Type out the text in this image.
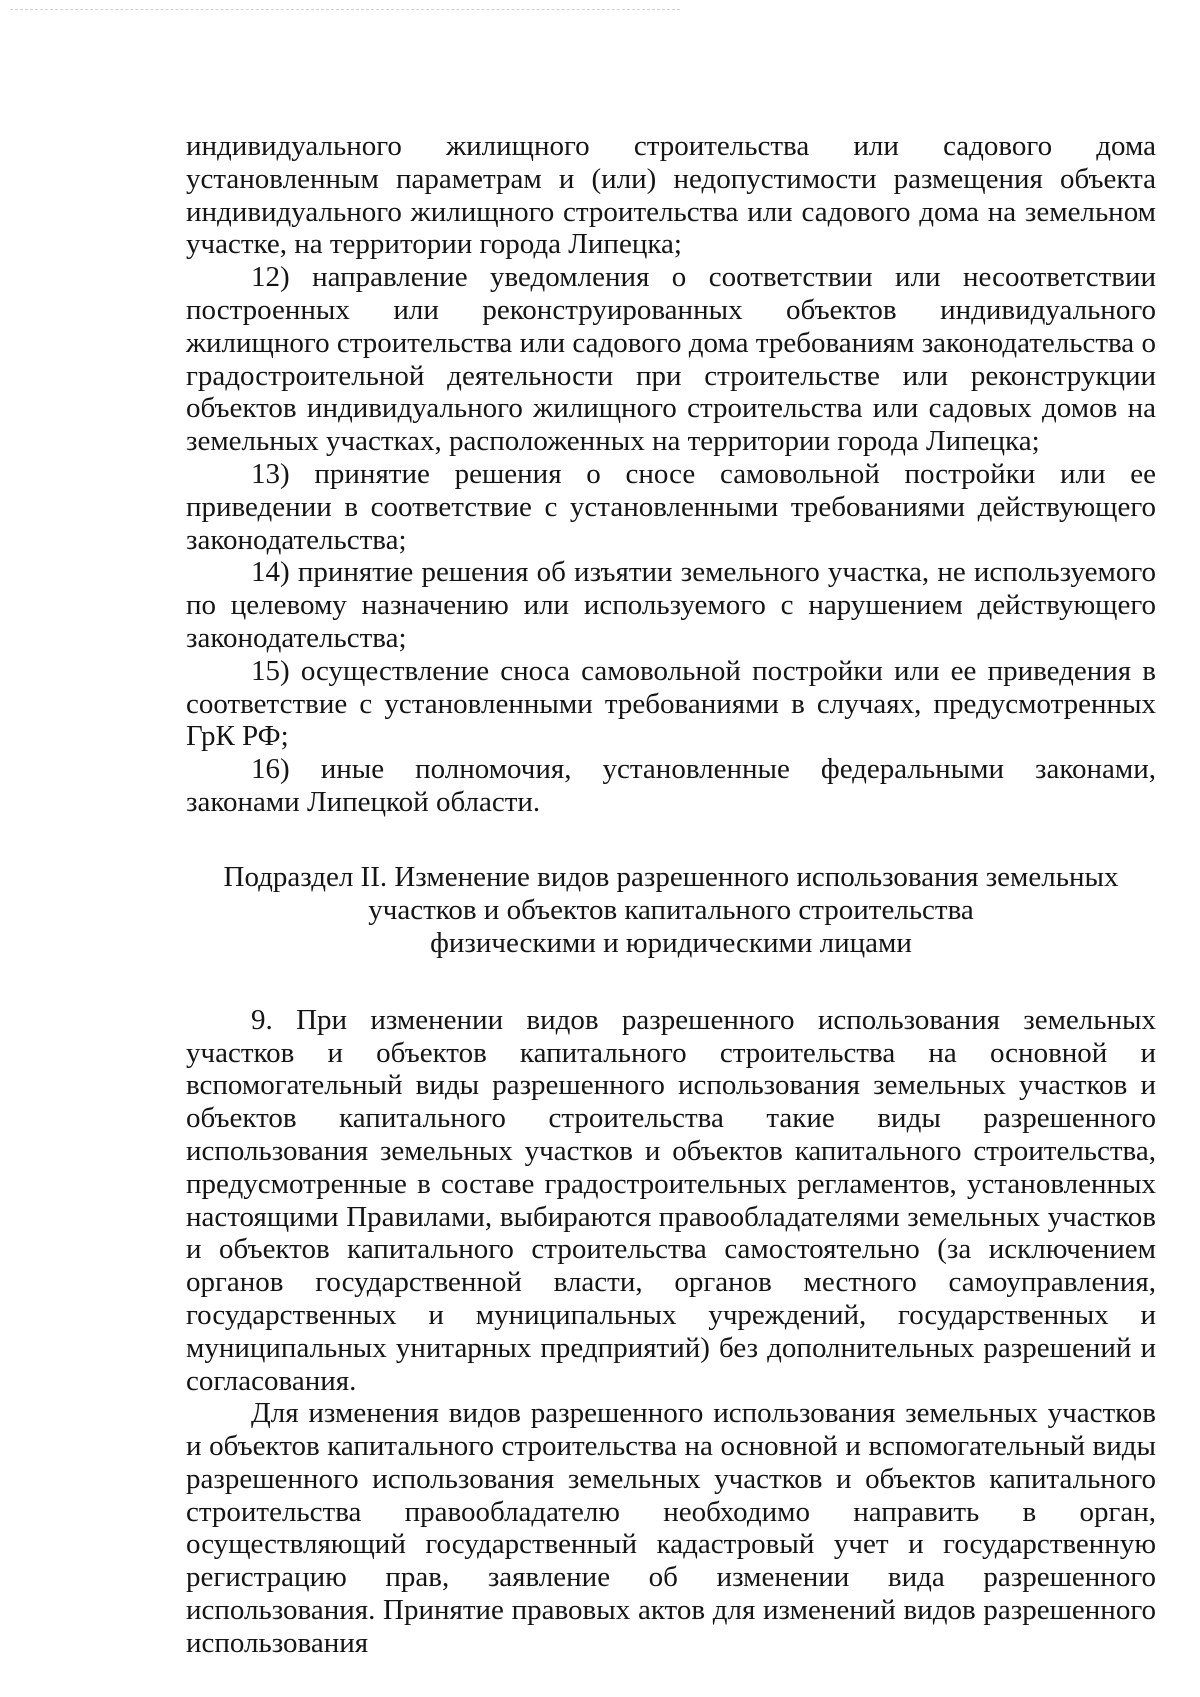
индивидуального жилищного строительства или садового дома установленным параметрам и (или) недопустимости размещения объекта индивидуального жилищного строительства или садового дома на земельном участке, на территории города Липецка;

12) направление уведомления о соответствии или несоответствии построенных или реконструированных объектов индивидуального жилищного строительства или садового дома требованиям законодательства о градостроительной деятельности при строительстве или реконструкции объектов индивидуального жилищного строительства или садовых домов на земельных участках, расположенных на территории города Липецка;

13) принятие решения о сносе самовольной постройки или ее приведении в соответствие с установленными требованиями действующего законодательства;

14) принятие решения об изъятии земельного участка, не используемого по целевому назначению или используемого с нарушением действующего законодательства;

15) осуществление сноса самовольной постройки или ее приведения в соответствие с установленными требованиями в случаях, предусмотренных ГрК РФ;

16) иные полномочия, установленные федеральными законами, законами Липецкой области.

Подраздел II. Изменение видов разрешенного использования земельных
участков и объектов капитального строительства
физическими и юридическими лицами

9. При изменении видов разрешенного использования земельных участков и объектов капитального строительства на основной и вспомогательный виды разрешенного использования земельных участков и объектов капитального строительства такие виды разрешенного использования земельных участков и объектов капитального строительства, предусмотренные в составе градостроительных регламентов, установленных настоящими Правилами, выбираются правообладателями земельных участков и объектов капитального строительства самостоятельно (за исключением органов государственной власти, органов местного самоуправления, государственных и муниципальных учреждений, государственных и муниципальных унитарных предприятий) без дополнительных разрешений и согласования.

Для изменения видов разрешенного использования земельных участков и объектов капитального строительства на основной и вспомогательный виды разрешенного использования земельных участков и объектов капитального строительства правообладателю необходимо направить в орган, осуществляющий государственный кадастровый учет и государственную регистрацию прав, заявление об изменении вида разрешенного использования. Принятие правовых актов для изменений видов разрешенного использования
